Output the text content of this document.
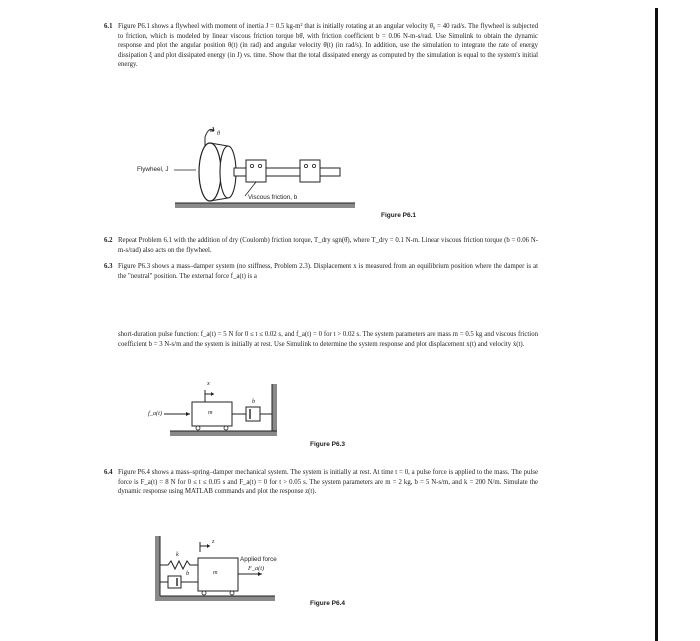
6.1 Figure P6.1 shows a flywheel with moment of inertia J = 0.5 kg-m² that is initially rotating at an angular velocity θ̇₀ = 40 rad/s. The flywheel is subjected to friction, which is modeled by linear viscous friction torque bθ̇, with friction coefficient b = 0.06 N-m-s/rad. Use Simulink to obtain the dynamic response and plot the angular position θ(t) (in rad) and angular velocity θ̇(t) (in rad/s). In addition, use the simulation to integrate the rate of energy dissipation ξ and plot dissipated energy (in J) vs. time. Show that the total dissipated energy as computed by the simulation is equal to the system's initial energy.
Flywheel, J
θ
Viscous friction, b
Figure P6.1
6.2 Repeat Problem 6.1 with the addition of dry (Coulomb) friction torque, T_dry sgn(θ̇), where T_dry = 0.1 N-m. Linear viscous friction torque (b = 0.06 N-m-s/rad) also acts on the flywheel.
6.3 Figure P6.3 shows a mass–damper system (no stiffness, Problem 2.3). Displacement x is measured from an equilibrium position where the damper is at the "neutral" position. The external force f_a(t) is a
short-duration pulse function: f_a(t) = 5 N for 0 ≤ t ≤ 0.02 s, and f_a(t) = 0 for t > 0.02 s. The system parameters are mass m = 0.5 kg and viscous friction coefficient b = 3 N-s/m and the system is initially at rest. Use Simulink to determine the system response and plot displacement x(t) and velocity ẋ(t).
f_a(t)
x
m
b
Figure P6.3
6.4 Figure P6.4 shows a mass–spring–damper mechanical system. The system is initially at rest. At time t = 0, a pulse force is applied to the mass. The pulse force is F_a(t) = 8 N for 0 ≤ t ≤ 0.05 s and F_a(t) = 0 for t > 0.05 s. The system parameters are m = 2 kg, b = 5 N-s/m, and k = 200 N/m. Simulate the dynamic response using MATLAB commands and plot the response z(t).
k
b	m
z
Applied force
F_a(t)
Figure P6.4
